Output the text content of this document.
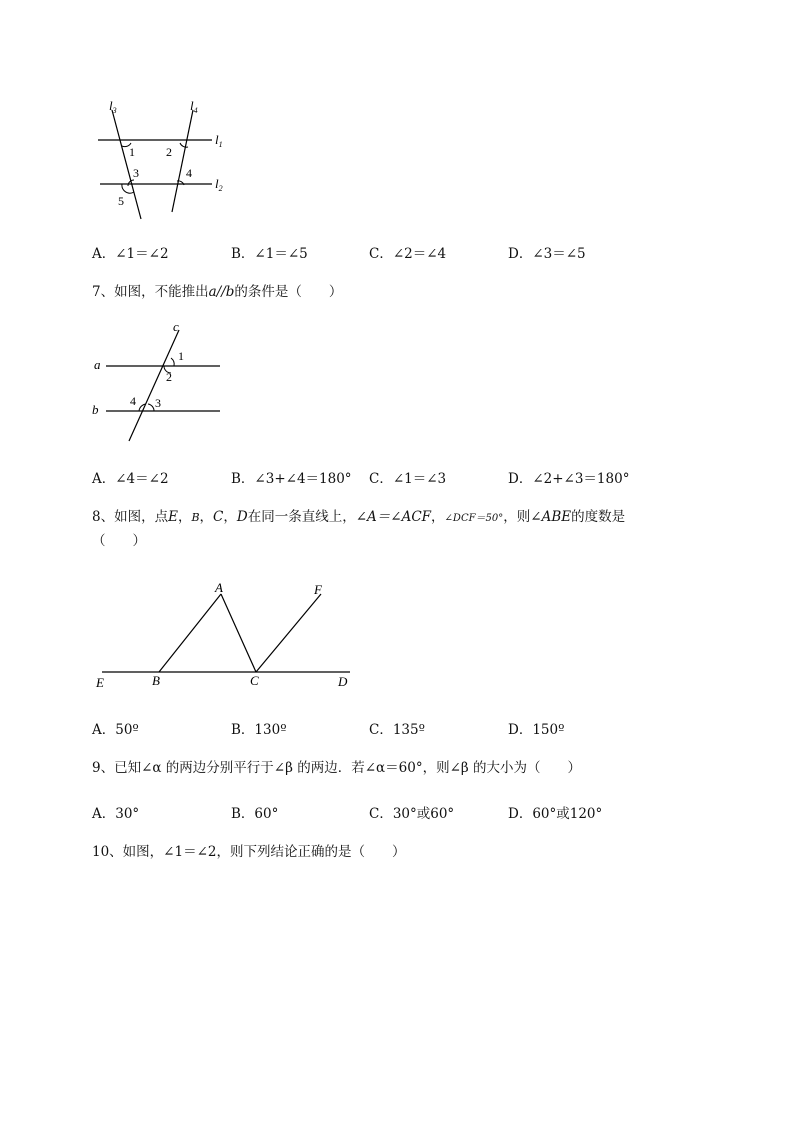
$l_3$	$l_4$
$l_1$
$l_2$
1	2
3	4
5
A．∠1＝∠2	B．∠1＝∠5	C．∠2＝∠4	D．∠3＝∠5
7、如图，不能推出a//b的条件是（　　）
c
a
b
1
2
4 3
A．∠4＝∠2	B．∠3+∠4＝180° C．∠1＝∠3	D．∠2+∠3＝180°
8、如图，点E，B，C，D在同一条直线上，∠A＝∠ACF，∠DCF＝50°，则∠ABE的度数是
（　　）
A	F
E	B	C	D
A．50º	B．130º	C．135º	D．150º
9、已知∠α 的两边分别平行于∠β 的两边．若∠α＝60°，则∠β 的大小为（　　）
A．30°	B．60°	C．30°或60°	D．60°或120°
10、如图，∠1＝∠2，则下列结论正确的是（　　）
